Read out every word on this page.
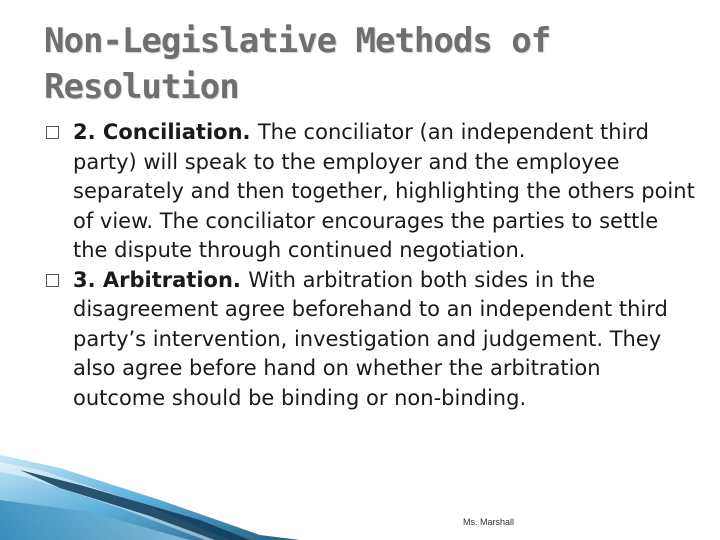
Non-Legislative Methods of
Resolution
2. Conciliation. The conciliator (an independent third party) will speak to the employer and the employee separately and then together, highlighting the others point of view. The conciliator encourages the parties to settle the dispute through continued negotiation.
3. Arbitration. With arbitration both sides in the disagreement agree beforehand to an independent third party’s intervention, investigation and judgement. They also agree before hand on whether the arbitration outcome should be binding or non-binding.
Ms. Marshall
